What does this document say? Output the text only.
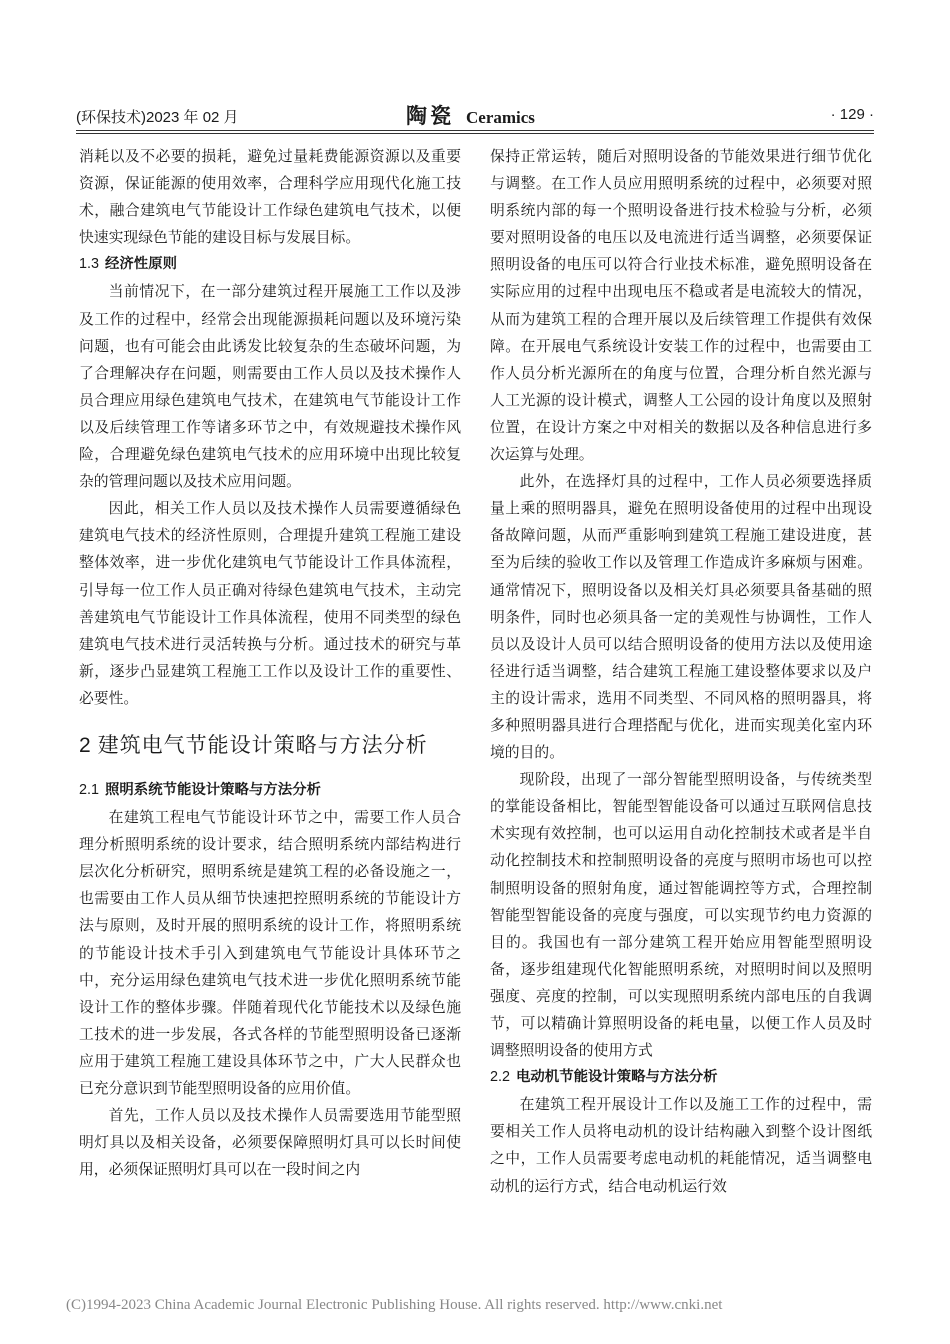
(环保技术)2023 年 02 月	陶瓷 Ceramics	· 129 ·

消耗以及不必要的损耗，避免过量耗费能源资源以及重要资源，保证能源的使用效率，合理科学应用现代化施工技术，融合建筑电气节能设计工作绿色建筑电气技术，以便快速实现绿色节能的建设目标与发展目标。

1.3 经济性原则

当前情况下，在一部分建筑过程开展施工工作以及涉及工作的过程中，经常会出现能源损耗问题以及环境污染问题，也有可能会由此诱发比较复杂的生态破坏问题，为了合理解决存在问题，则需要由工作人员以及技术操作人员合理应用绿色建筑电气技术，在建筑电气节能设计工作以及后续管理工作等诸多环节之中，有效规避技术操作风险，合理避免绿色建筑电气技术的应用环境中出现比较复杂的管理问题以及技术应用问题。

因此，相关工作人员以及技术操作人员需要遵循绿色建筑电气技术的经济性原则，合理提升建筑工程施工建设整体效率，进一步优化建筑电气节能设计工作具体流程，引导每一位工作人员正确对待绿色建筑电气技术，主动完善建筑电气节能设计工作具体流程，使用不同类型的绿色建筑电气技术进行灵活转换与分析。通过技术的研究与革新，逐步凸显建筑工程施工工作以及设计工作的重要性、必要性。

2 建筑电气节能设计策略与方法分析
2.1 照明系统节能设计策略与方法分析

在建筑工程电气节能设计环节之中，需要工作人员合理分析照明系统的设计要求，结合照明系统内部结构进行层次化分析研究，照明系统是建筑工程的必备设施之一，也需要由工作人员从细节快速把控照明系统的节能设计方法与原则，及时开展的照明系统的设计工作，将照明系统的节能设计技术手引入到建筑电气节能设计具体环节之中，充分运用绿色建筑电气技术进一步优化照明系统节能设计工作的整体步骤。伴随着现代化节能技术以及绿色施工技术的进一步发展，各式各样的节能型照明设备已逐渐应用于建筑工程施工建设具体环节之中，广大人民群众也已充分意识到节能型照明设备的应用价值。

首先，工作人员以及技术操作人员需要选用节能型照明灯具以及相关设备，必须要保障照明灯具可以长时间使用，必须保证照明灯具可以在一段时间之内

保持正常运转，随后对照明设备的节能效果进行细节优化与调整。在工作人员应用照明系统的过程中，必须要对照明系统内部的每一个照明设备进行技术检验与分析，必须要对照明设备的电压以及电流进行适当调整，必须要保证照明设备的电压可以符合行业技术标准，避免照明设备在实际应用的过程中出现电压不稳或者是电流较大的情况，从而为建筑工程的合理开展以及后续管理工作提供有效保障。在开展电气系统设计安装工作的过程中，也需要由工作人员分析光源所在的角度与位置，合理分析自然光源与人工光源的设计模式，调整人工公园的设计角度以及照射位置，在设计方案之中对相关的数据以及各种信息进行多次运算与处理。

此外，在选择灯具的过程中，工作人员必须要选择质量上乘的照明器具，避免在照明设备使用的过程中出现设备故障问题，从而严重影响到建筑工程施工建设进度，甚至为后续的验收工作以及管理工作造成许多麻烦与困难。通常情况下，照明设备以及相关灯具必须要具备基础的照明条件，同时也必须具备一定的美观性与协调性，工作人员以及设计人员可以结合照明设备的使用方法以及使用途径进行适当调整，结合建筑工程施工建设整体要求以及户主的设计需求，选用不同类型、不同风格的照明器具，将多种照明器具进行合理搭配与优化，进而实现美化室内环境的目的。

现阶段，出现了一部分智能型照明设备，与传统类型的掌能设备相比，智能型智能设备可以通过互联网信息技术实现有效控制，也可以运用自动化控制技术或者是半自动化控制技术和控制照明设备的亮度与照明市场也可以控制照明设备的照射角度，通过智能调控等方式，合理控制智能型智能设备的亮度与强度，可以实现节约电力资源的目的。我国也有一部分建筑工程开始应用智能型照明设备，逐步组建现代化智能照明系统，对照明时间以及照明强度、亮度的控制，可以实现照明系统内部电压的自我调节，可以精确计算照明设备的耗电量，以便工作人员及时调整照明设备的使用方式

2.2 电动机节能设计策略与方法分析

在建筑工程开展设计工作以及施工工作的过程中，需要相关工作人员将电动机的设计结构融入到整个设计图纸之中，工作人员需要考虑电动机的耗能情况，适当调整电动机的运行方式，结合电动机运行效

(C)1994-2023 China Academic Journal Electronic Publishing House. All rights reserved. http://www.cnki.net
